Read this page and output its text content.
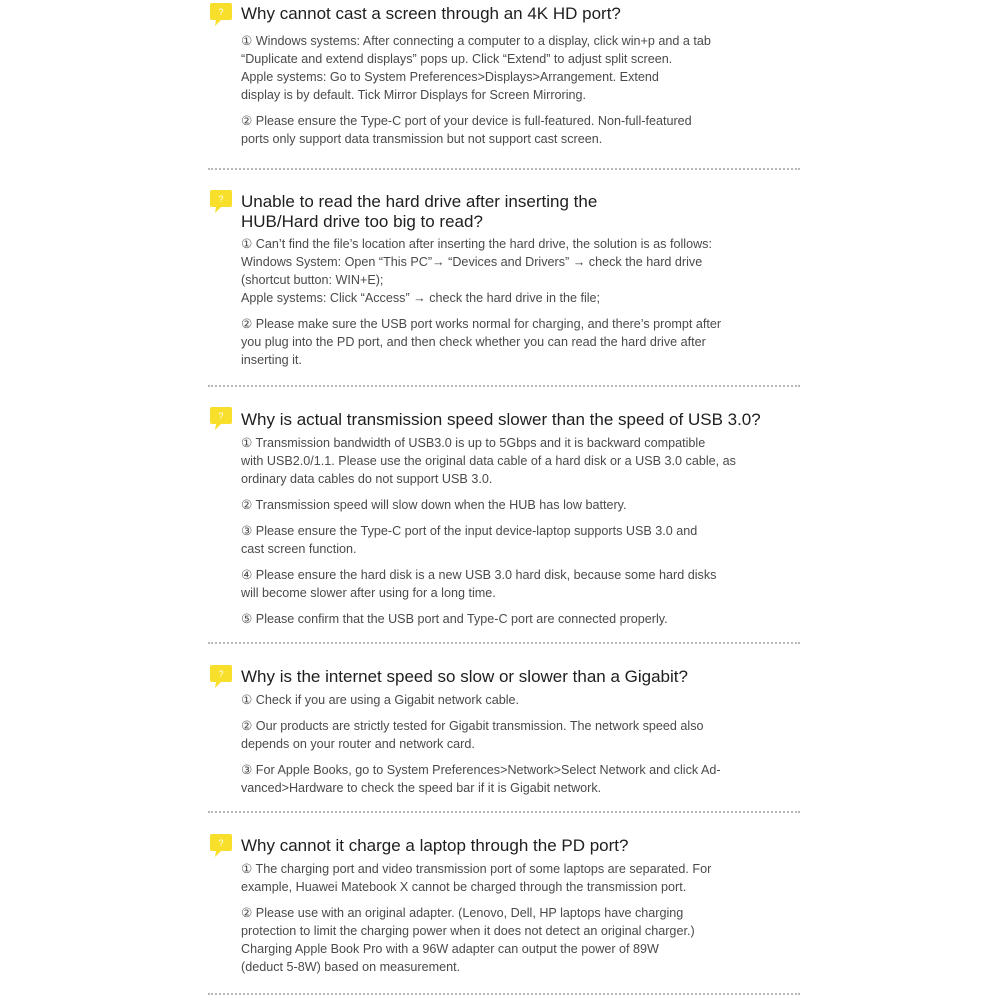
? Why cannot cast a screen through an 4K HD port?

① Windows systems: After connecting a computer to a display, click win+p and a tab
“Duplicate and extend displays” pops up. Click “Extend” to adjust split screen.
Apple systems: Go to System Preferences>Displays>Arrangement. Extend
display is by default. Tick Mirror Displays for Screen Mirroring.

② Please ensure the Type-C port of your device is full-featured. Non-full-featured
ports only support data transmission but not support cast screen.

? Unable to read the hard drive after inserting the
HUB/Hard drive too big to read?

① Can’t find the file’s location after inserting the hard drive, the solution is as follows:
Windows System: Open “This PC”→ “Devices and Drivers” → check the hard drive
(shortcut button: WIN+E);
Apple systems: Click “Access” → check the hard drive in the file;

② Please make sure the USB port works normal for charging, and there’s prompt after
you plug into the PD port, and then check whether you can read the hard drive after
inserting it.

? Why is actual transmission speed slower than the speed of USB 3.0?

① Transmission bandwidth of USB3.0 is up to 5Gbps and it is backward compatible
with USB2.0/1.1. Please use the original data cable of a hard disk or a USB 3.0 cable, as
ordinary data cables do not support USB 3.0.

② Transmission speed will slow down when the HUB has low battery.

③ Please ensure the Type-C port of the input device-laptop supports USB 3.0 and
cast screen function.

④ Please ensure the hard disk is a new USB 3.0 hard disk, because some hard disks
will become slower after using for a long time.

⑤ Please confirm that the USB port and Type-C port are connected properly.

? Why is the internet speed so slow or slower than a Gigabit?

① Check if you are using a Gigabit network cable.

② Our products are strictly tested for Gigabit transmission. The network speed also
depends on your router and network card.

③ For Apple Books, go to System Preferences>Network>Select Network and click Ad-
vanced>Hardware to check the speed bar if it is Gigabit network.

? Why cannot it charge a laptop through the PD port?

① The charging port and video transmission port of some laptops are separated. For
example, Huawei Matebook X cannot be charged through the transmission port.

② Please use with an original adapter. (Lenovo, Dell, HP laptops have charging
protection to limit the charging power when it does not detect an original charger.)
Charging Apple Book Pro with a 96W adapter can output the power of 89W
(deduct 5-8W) based on measurement.
